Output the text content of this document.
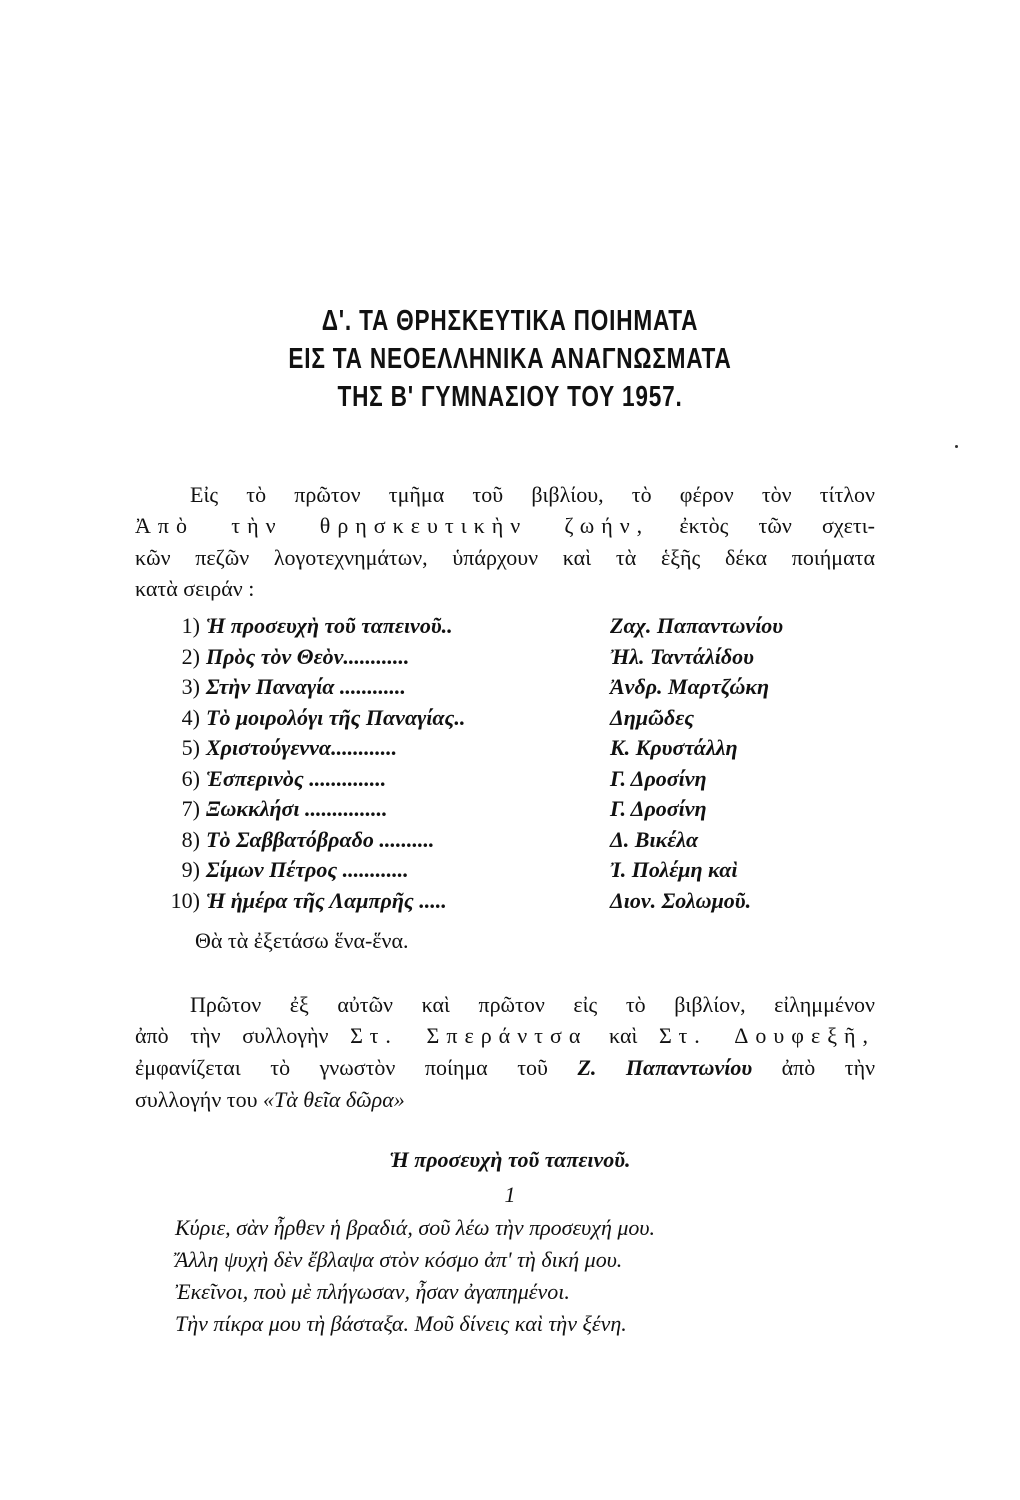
Δ'. ΤΑ ΘΡΗΣΚΕΥΤΙΚΑ ΠΟΙΗΜΑΤΑ
ΕΙΣ ΤΑ ΝΕΟΕΛΛΗΝΙΚΑ ΑΝΑΓΝΩΣΜΑΤΑ
ΤΗΣ Β' ΓΥΜΝΑΣΙΟΥ ΤΟΥ 1957.
Εἰς τὸ πρῶτον τμῆμα τοῦ βιβλίου, τὸ φέρον τὸν τίτλον
Ἀπὸ τὴν θρησκευτικὴν ζωήν, ἐκτὸς τῶν σχετι-
κῶν πεζῶν λογοτεχνημάτων, ὑπάρχουν καὶ τὰ ἑξῆς δέκα ποιήματα
κατὰ σειράν :
1) Ἡ προσευχὴ τοῦ ταπεινοῦ..	Ζαχ. Παπαντωνίου
2) Πρὸς τὸν Θεὸν............	Ἠλ. Ταντάλίδου
3) Στὴν Παναγία ............	Ἀνδρ. Μαρτζώκη
4) Τὸ μοιρολόγι τῆς Παναγίας..	Δημῶδες
5) Χριστούγεννα............	Κ. Κρυστάλλη
6) Ἑσπερινὸς ..............	Γ. Δροσίνη
7) Ξωκκλήσι ...............	Γ. Δροσίνη
8) Τὸ Σαββατόβραδο ..........	Δ. Βικέλα
9) Σίμων Πέτρος ............	Ἰ. Πολέμη καὶ
10) Ἡ ἡμέρα τῆς Λαμπρῆς .....	Διον. Σολωμοῦ.
Θὰ τὰ ἐξετάσω ἕνα-ἕνα.
Πρῶτον ἐξ αὐτῶν καὶ πρῶτον εἰς τὸ βιβλίον, εἰλημμένον
ἀπὸ τὴν συλλογὴν Στ. Σπεράντσα καὶ Στ. Δουφεξῆ,
ἐμφανίζεται τὸ γνωστὸν ποίημα τοῦ Ζ. Παπαντωνίου ἀπὸ τὴν
συλλογήν του «Τὰ θεῖα δῶρα»
Ἡ προσευχὴ τοῦ ταπεινοῦ.
1
Κύριε, σὰν ἦρθεν ἡ βραδιά, σοῦ λέω τὴν προσευχή μου.
Ἄλλη ψυχὴ δὲν ἔβλαψα στὸν κόσμο ἀπ' τὴ δική μου.
Ἐκεῖνοι, ποὺ μὲ πλήγωσαν, ἦσαν ἀγαπημένοι.
Τὴν πίκρα μου τὴ βάσταξα. Μοῦ δίνεις καὶ τὴν ξένη.
